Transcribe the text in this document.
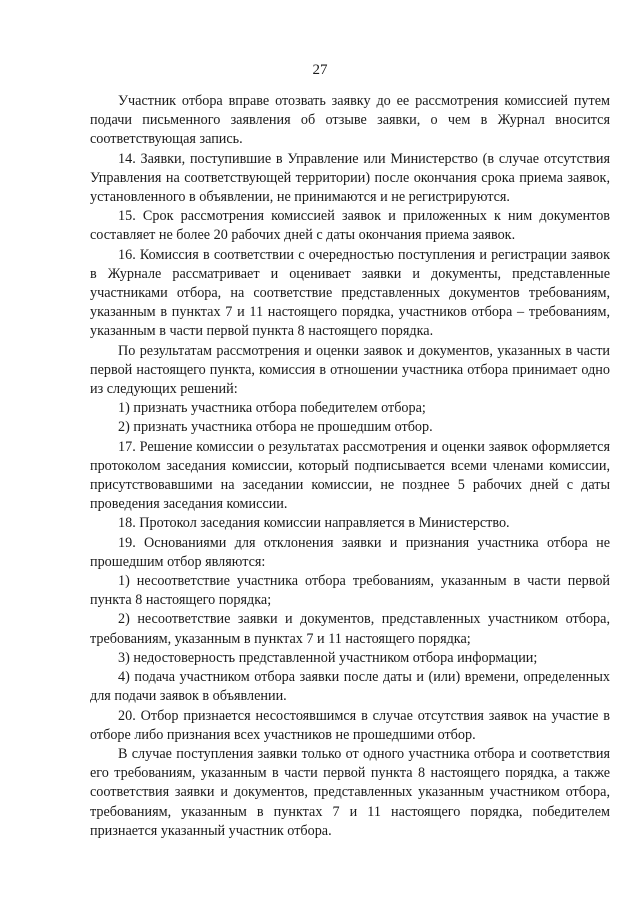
27

Участник отбора вправе отозвать заявку до ее рассмотрения комиссией путем подачи письменного заявления об отзыве заявки, о чем в Журнал вносится соответствующая запись.

14. Заявки, поступившие в Управление или Министерство (в случае отсутствия Управления на соответствующей территории) после окончания срока приема заявок, установленного в объявлении, не принимаются и не регистрируются.

15. Срок рассмотрения комиссией заявок и приложенных к ним документов составляет не более 20 рабочих дней с даты окончания приема заявок.

16. Комиссия в соответствии с очередностью поступления и регистрации заявок в Журнале рассматривает и оценивает заявки и документы, представленные участниками отбора, на соответствие представленных документов требованиям, указанным в пунктах 7 и 11 настоящего порядка, участников отбора – требованиям, указанным в части первой пункта 8 настоящего порядка.

По результатам рассмотрения и оценки заявок и документов, указанных в части первой настоящего пункта, комиссия в отношении участника отбора принимает одно из следующих решений:

1) признать участника отбора победителем отбора;

2) признать участника отбора не прошедшим отбор.

17. Решение комиссии о результатах рассмотрения и оценки заявок оформляется протоколом заседания комиссии, который подписывается всеми членами комиссии, присутствовавшими на заседании комиссии, не позднее 5 рабочих дней с даты проведения заседания комиссии.

18. Протокол заседания комиссии направляется в Министерство.

19. Основаниями для отклонения заявки и признания участника отбора не прошедшим отбор являются:

1) несоответствие участника отбора требованиям, указанным в части первой пункта 8 настоящего порядка;

2) несоответствие заявки и документов, представленных участником отбора, требованиям, указанным в пунктах 7 и 11 настоящего порядка;

3) недостоверность представленной участником отбора информации;

4) подача участником отбора заявки после даты и (или) времени, определенных для подачи заявок в объявлении.

20. Отбор признается несостоявшимся в случае отсутствия заявок на участие в отборе либо признания всех участников не прошедшими отбор.

В случае поступления заявки только от одного участника отбора и соответствия его требованиям, указанным в части первой пункта 8 настоящего порядка, а также соответствия заявки и документов, представленных указанным участником отбора, требованиям, указанным в пунктах 7 и 11 настоящего порядка, победителем признается указанный участник отбора.
